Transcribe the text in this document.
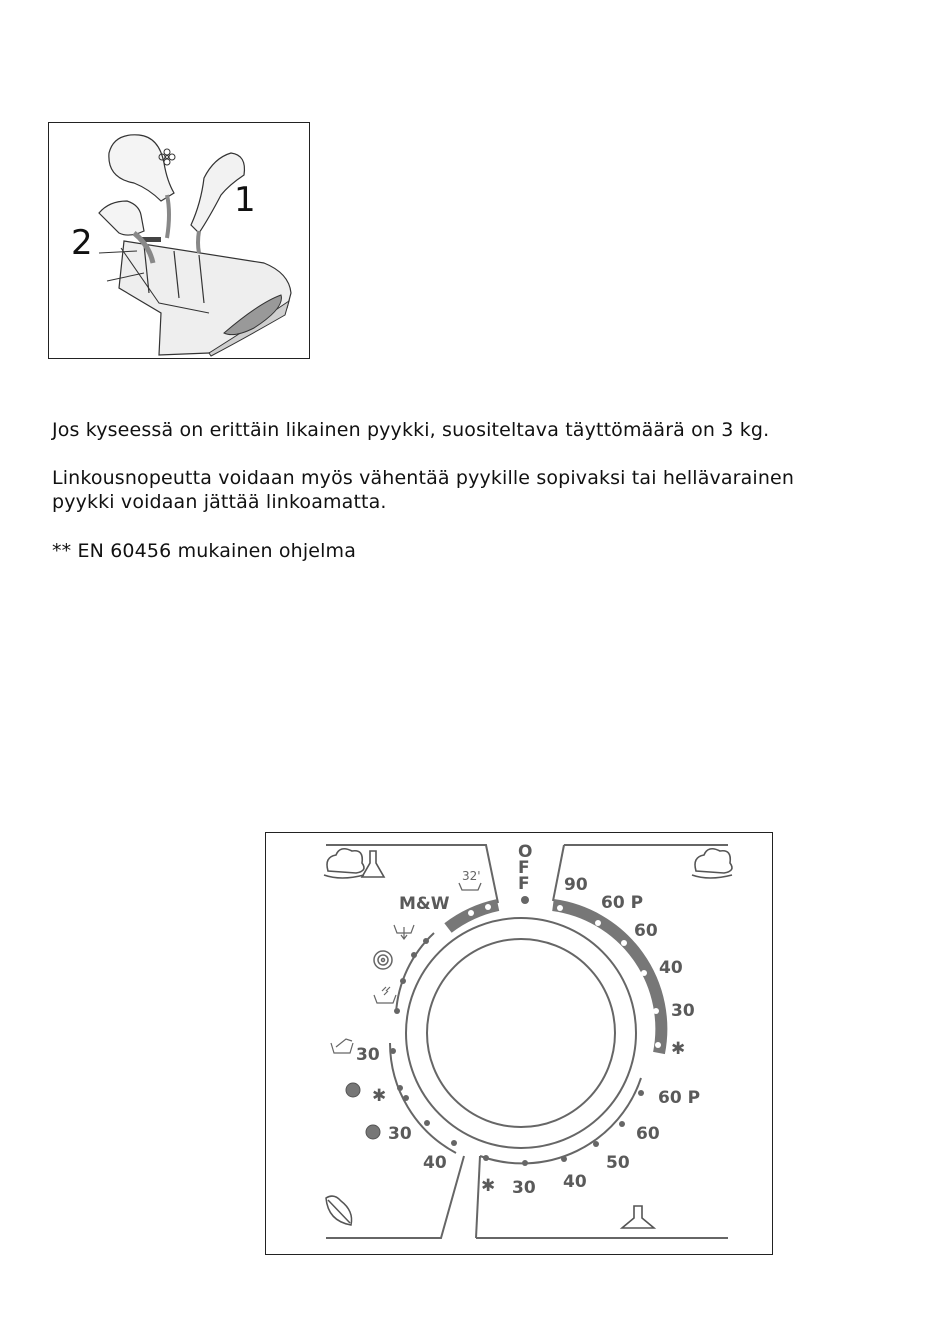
1
2

Jos kyseessä on erittäin likainen pyykki, suositeltava täyttömäärä on 3 kg.

Linkousnopeutta voidaan myös vähentää pyykille sopivaksi tai hellävarainen

pyykki voidaan jättää linkoamatta.

** EN 60456 mukainen ohjelma

O
F
F
M&W
32'	90
60 P
60
40
30
✱
60 P
60
50
40
30
✱
30
30
40
✱
